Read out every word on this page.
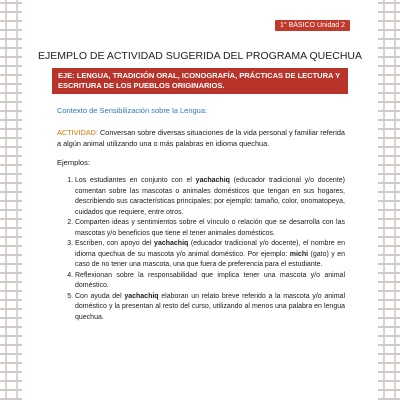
1° BÁSICO Unidad 2
EJEMPLO DE ACTIVIDAD SUGERIDA DEL PROGRAMA QUECHUA
EJE: LENGUA, TRADICIÓN ORAL, ICONOGRAFÍA, PRÁCTICAS DE LECTURA Y ESCRITURA DE LOS PUEBLOS ORIGINARIOS.
Contexto de Sensibilización sobre la Lengua:
ACTIVIDAD: Conversan sobre diversas situaciones de la vida personal y familiar referida a algún animal utilizando una o más palabras en idioma quechua.
Ejemplos:
1. Los estudiantes en conjunto con el yachachiq (educador tradicional y/o docente) comentan sobre las mascotas o animales domésticos que tengan en sus hogares, describiendo sus características principales; por ejemplo: tamaño, color, onomatopeya, cuidados que requiere, entre otros.
2. Comparten ideas y sentimientos sobre el vínculo o relación que se desarrolla con las mascotas y/o beneficios que tiene el tener animales domésticos.
3. Escriben, con apoyo del yachachiq (educador tradicional y/o docente), el nombre en idioma quechua de su mascota y/o animal doméstico. Por ejemplo: michi (gato) y en caso de no tener una mascota, una que fuera de preferencia para el estudiante.
4. Reflexionan sobre la responsabilidad que implica tener una mascota y/o animal doméstico.
5. Con ayuda del yachachiq elaboran un relato breve referido a la mascota y/o animal doméstico y la presentan al resto del curso, utilizando al menos una palabra en lengua quechua.
